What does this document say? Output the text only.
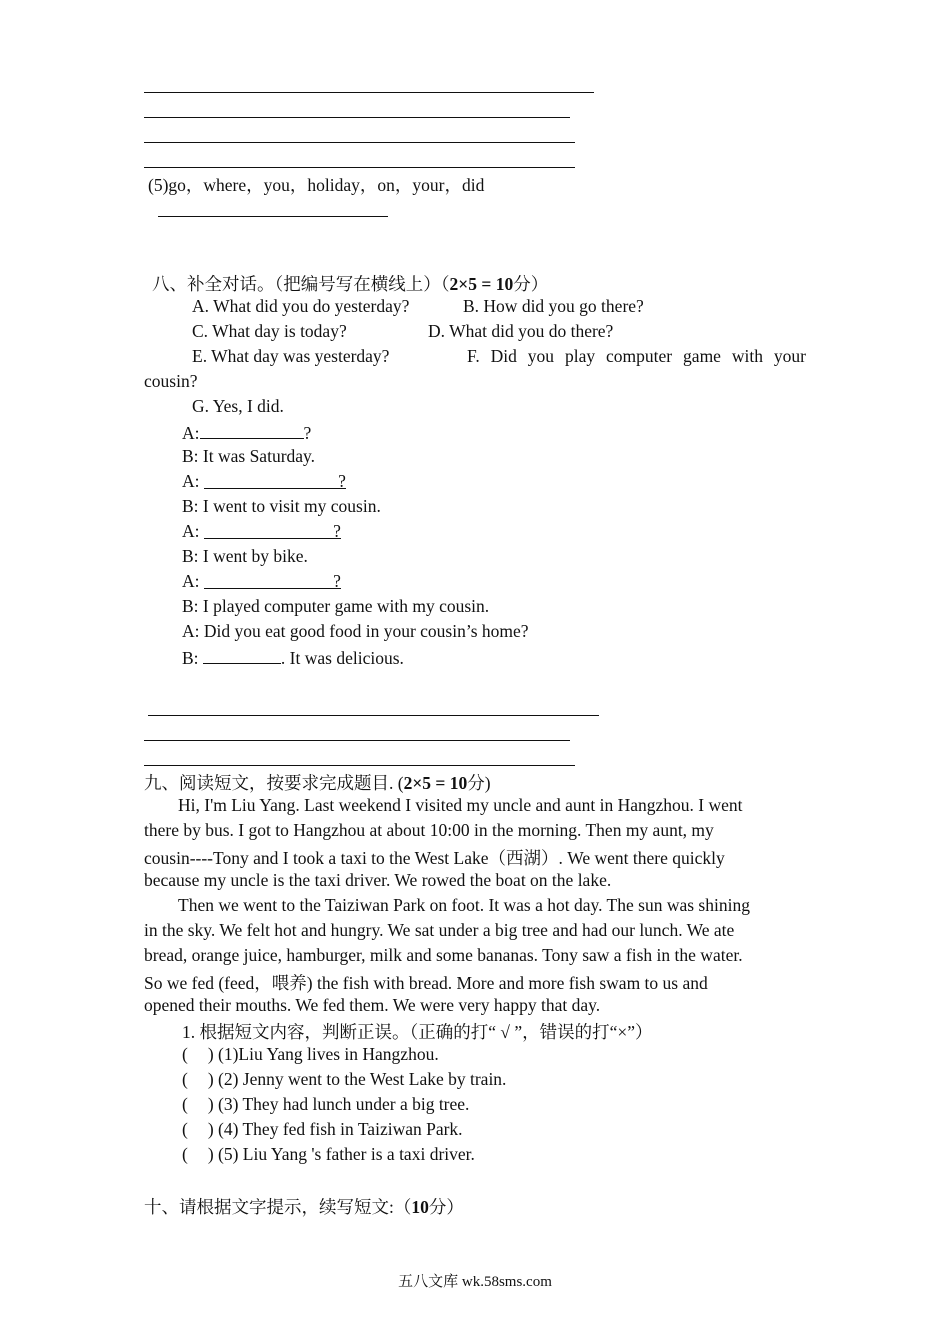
(5)go，where，you，holiday，on，your，did
八、补全对话。（把编号写在横线上）（2×5 = 10分）
A. What did you do yesterday?	B. How did you go there?
C. What day is today?	D. What did you do there?
E. What day was yesterday?	F. Did you play computer game with your
cousin?
G. Yes, I did.
A:	?
B: It was Saturday.
A:	?
B: I went to visit my cousin.
A:	?
B: I went by bike.
A:	?
B: I played computer game with my cousin.
A: Did you eat good food in your cousin’s home?
B:	. It was delicious.
九、阅读短文，按要求完成题目. (2×5 = 10分)
Hi, I'm Liu Yang. Last weekend I visited my uncle and aunt in Hangzhou. I went
there by bus. I got to Hangzhou at about 10:00 in the morning. Then my aunt, my
cousin----Tony and I took a taxi to the West Lake（西湖）. We went there quickly
because my uncle is the taxi driver. We rowed the boat on the lake.
Then we went to the Taiziwan Park on foot. It was a hot day. The sun was shining
in the sky. We felt hot and hungry. We sat under a big tree and had our lunch. We ate
bread, orange juice, hamburger, milk and some bananas. Tony saw a fish in the water.
So we fed (feed，喂养) the fish with bread. More and more fish swam to us and
opened their mouths. We fed them. We were very happy that day.
1. 根据短文内容，判断正误。（正确的打“ √ ”，错误的打“×”）
( ) (1)Liu Yang lives in Hangzhou.
( ) (2) Jenny went to the West Lake by train.
( ) (3) They had lunch under a big tree.
( ) (4) They fed fish in Taiziwan Park.
( ) (5) Liu Yang 's father is a taxi driver.
十、请根据文字提示，续写短文:（10分）
五八文库 wk.58sms.com
